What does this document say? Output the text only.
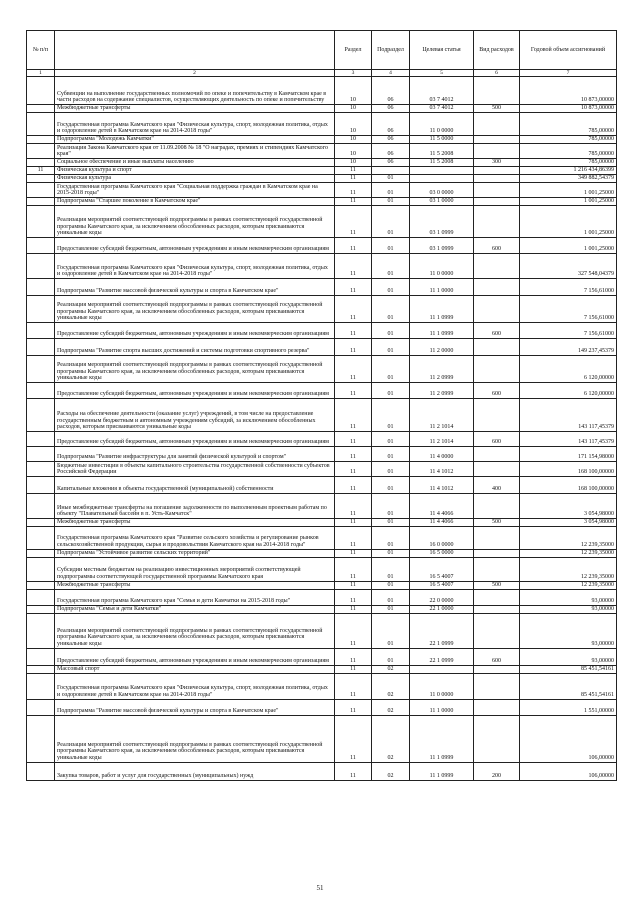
№ п/п		Раздел	Подраздел	Целевая статья	Вид расходов	Годовой объем ассигнований
1	2	3	4	5	6	7
	Субвенции на выполнение государственных полномочий по опеке и попечительству в Камчатском крае в части расходов на содержание специалистов, осуществляющих деятельность по опеке и попечительству	10	06	03 7 4012		10 873,00000
	Межбюджетные трансферты	10	06	03 7 4012	500	10 873,00000
	Государственная программа Камчатского края "Физическая культура, спорт, молодежная политика, отдых и оздоровление детей в Камчатском крае на 2014-2018 годы"	10	06	11 0 0000		785,00000
	Подпрограмма "Молодежь Камчатки"	10	06	11 5 0000		785,00000
	Реализация Закона Камчатского края от 11.09.2008 № 18 "О наградах, премиях и стипендиях Камчатского края"	10	06	11 5 2008		785,00000
	Социальное обеспечение и иные выплаты населению	10	06	11 5 2008	300	785,00000
11	Физическая культура и спорт	11				1 216 434,86399
	Физическая культура	11	01			349 882,54379
	Государственная программа Камчатского края "Социальная поддержка граждан в Камчатском крае на 2015-2018 годы"	11	01	03 0 0000		1 001,25000
	Подпрограмма "Старшее поколение в Камчатском крае"	11	01	03 1 0000		1 001,25000
	Реализация мероприятий соответствующей подпрограммы в рамках соответствующей государственной программы Камчатского края, за исключением обособленных расходов, которым присваиваются уникальные коды	11	01	03 1 0999		1 001,25000
	Предоставление субсидий бюджетным, автономным учреждениям и иным некоммерческим организациям	11	01	03 1 0999	600	1 001,25000
	Государственная программа Камчатского края "Физическая культура, спорт, молодежная политика, отдых и оздоровление детей в Камчатском крае на 2014-2018 годы"	11	01	11 0 0000		327 548,04379
	Подпрограмма "Развитие массовой физической культуры и спорта в Камчатском крае"	11	01	11 1 0000		7 156,61000
	Реализация мероприятий соответствующей подпрограммы в рамках соответствующей государственной программы Камчатского края, за исключением обособленных расходов, которым присваиваются уникальные коды	11	01	11 1 0999		7 156,61000
	Предоставление субсидий бюджетным, автономным учреждениям и иным некоммерческим организациям	11	01	11 1 0999	600	7 156,61000
	Подпрограмма "Развитие спорта высших достижений и системы подготовки спортивного резерва"	11	01	11 2 0000		149 237,45379
	Реализация мероприятий соответствующей подпрограммы в рамках соответствующей государственной программы Камчатского края, за исключением обособленных расходов, которым присваиваются уникальные коды	11	01	11 2 0999		6 120,00000
	Предоставление субсидий бюджетным, автономным учреждениям и иным некоммерческим организациям	11	01	11 2 0999	600	6 120,00000
	Расходы на обеспечение деятельности (оказание услуг) учреждений, в том числе на предоставление государственным бюджетным и автономным учреждениям субсидий, за исключением обособленных расходов, которым присваиваются уникальные коды	11	01	11 2 1014		143 117,45379
	Предоставление субсидий бюджетным, автономным учреждениям и иным некоммерческим организациям	11	01	11 2 1014	600	143 117,45379
	Подпрограмма "Развитие инфраструктуры для занятий физической культурой и спортом"	11	01	11 4 0000		171 154,98000
	Бюджетные инвестиции в объекты капитального строительства государственной собственности субъектов Российской Федерации	11	01	11 4 1012		168 100,00000
	Капитальные вложения в объекты государственной (муниципальной) собственности	11	01	11 4 1012	400	168 100,00000
	Иные межбюджетные трансферты на погашение задолженности по выполненным проектным работам по объекту "Плавательный бассейн в п. Усть-Камчатск"	11	01	11 4 4066		3 054,98000
	Межбюджетные трансферты	11	01	11 4 4066	500	3 054,98000
	Государственная программа Камчатского края "Развитие сельского хозяйства и регулирование рынков сельскохозяйственной продукции, сырья и продовольствия Камчатского края на 2014-2018 годы"	11	01	16 0 0000		12 239,35000
	Подпрограмма "Устойчивое развитие сельских территорий"	11	01	16 5 0000		12 239,35000
	Субсидии местным бюджетам на реализацию инвестиционных мероприятий соответствующей подпрограммы соответствующей государственной программы Камчатского края	11	01	16 5 4007		12 239,35000
	Межбюджетные трансферты	11	01	16 5 4007	500	12 239,35000
	Государственная программа Камчатского края "Семья и дети Камчатки на 2015-2018 годы"	11	01	22 0 0000		93,00000
	Подпрограмма "Семья и дети Камчатки"	11	01	22 1 0000		93,00000
	Реализация мероприятий соответствующей подпрограммы в рамках соответствующей государственной программы Камчатского края, за исключением обособленных расходов, которым присваиваются уникальные коды	11	01	22 1 0999		93,00000
	Предоставление субсидий бюджетным, автономным учреждениям и иным некоммерческим организациям	11	01	22 1 0999	600	93,00000
	Массовый спорт	11	02			85 451,54161
	Государственная программа Камчатского края "Физическая культура, спорт, молодежная политика, отдых и оздоровление детей в Камчатском крае на 2014-2018 годы"	11	02	11 0 0000		85 451,54161
	Подпрограмма "Развитие массовой физической культуры и спорта в Камчатском крае"	11	02	11 1 0000		1 551,00000
	Реализация мероприятий соответствующей подпрограммы в рамках соответствующей государственной программы Камчатского края, за исключением обособленных расходов, которым присваиваются уникальные коды	11	02	11 1 0999		106,00000
	Закупка товаров, работ и услуг для государственных (муниципальных) нужд	11	02	11 1 0999	200	106,00000
51
